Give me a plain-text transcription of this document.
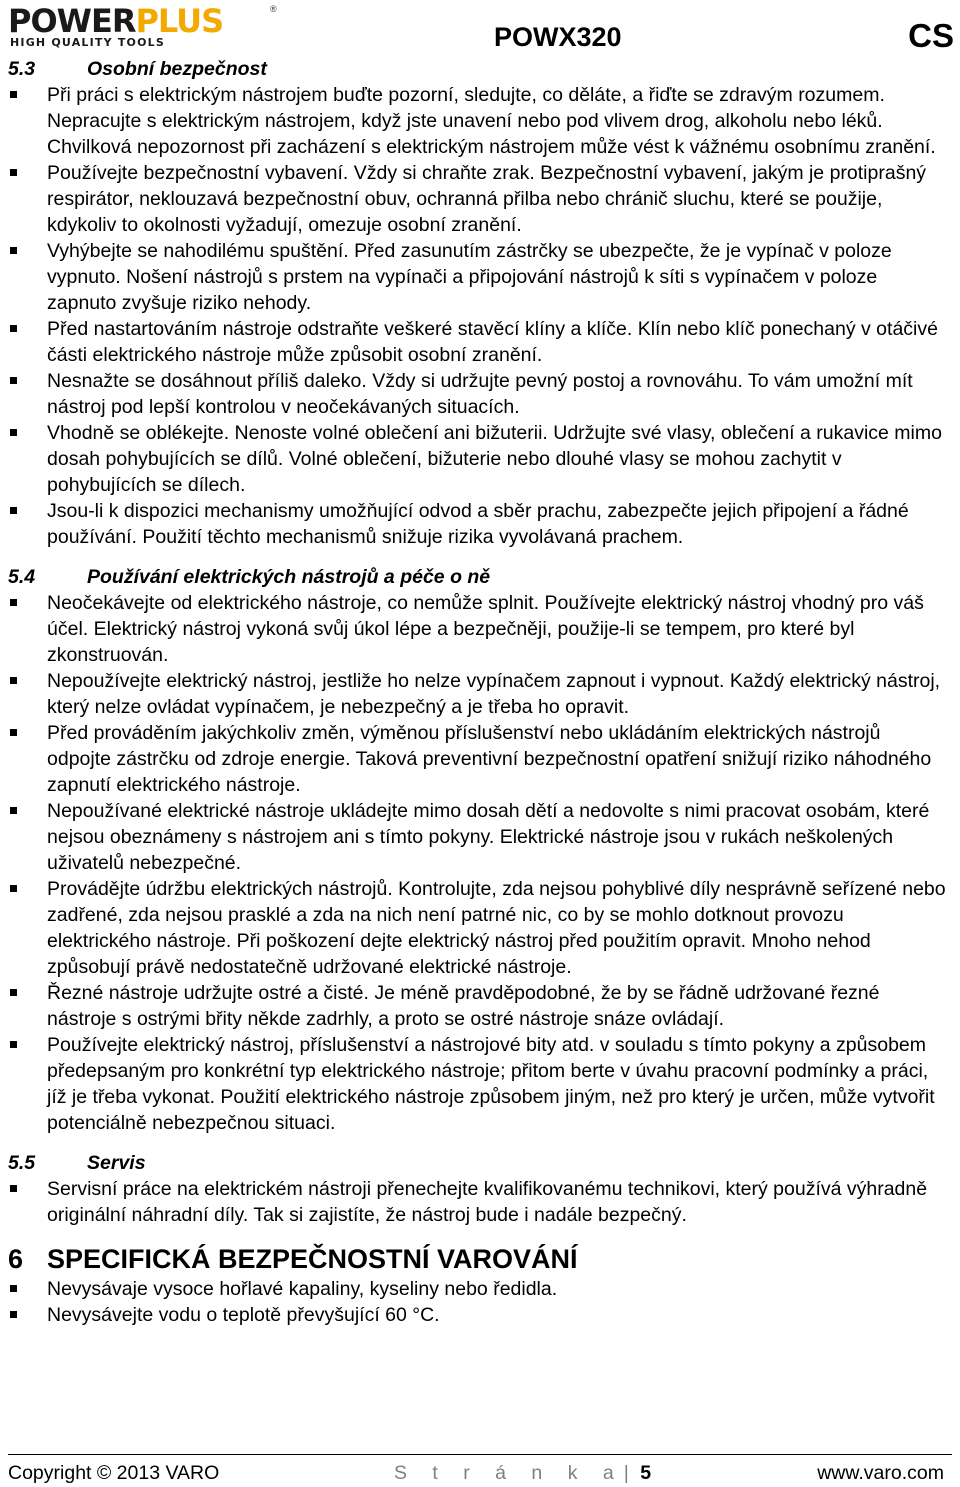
POWERPLUS	®
HIGH QUALITY TOOLS	POWX320	CS
5.3	Osobní bezpečnost
Při práci s elektrickým nástrojem buďte pozorní, sledujte, co děláte, a řiďte se zdravým rozumem. Nepracujte s elektrickým nástrojem, když jste unavení nebo pod vlivem drog, alkoholu nebo léků. Chvilková nepozornost při zacházení s elektrickým nástrojem může vést k vážnému osobnímu zranění.
Používejte bezpečnostní vybavení. Vždy si chraňte zrak. Bezpečnostní vybavení, jakým je protiprašný respirátor, neklouzavá bezpečnostní obuv, ochranná přilba nebo chránič sluchu, které se použije, kdykoliv to okolnosti vyžadují, omezuje osobní zranění.
Vyhýbejte se nahodilému spuštění. Před zasunutím zástrčky se ubezpečte, že je vypínač v poloze vypnuto. Nošení nástrojů s prstem na vypínači a připojování nástrojů k síti s vypínačem v poloze zapnuto zvyšuje riziko nehody.
Před nastartováním nástroje odstraňte veškeré stavěcí klíny a klíče. Klín nebo klíč ponechaný v otáčivé části elektrického nástroje může způsobit osobní zranění.
Nesnažte se dosáhnout příliš daleko. Vždy si udržujte pevný postoj a rovnováhu. To vám umožní mít nástroj pod lepší kontrolou v neočekávaných situacích.
Vhodně se oblékejte. Nenoste volné oblečení ani bižuterii. Udržujte své vlasy, oblečení a rukavice mimo dosah pohybujících se dílů. Volné oblečení, bižuterie nebo dlouhé vlasy se mohou zachytit v pohybujících se dílech.
Jsou-li k dispozici mechanismy umožňující odvod a sběr prachu, zabezpečte jejich připojení a řádné používání. Použití těchto mechanismů snižuje rizika vyvolávaná prachem.
5.4	Používání elektrických nástrojů a péče o ně
Neočekávejte od elektrického nástroje, co nemůže splnit. Používejte elektrický nástroj vhodný pro váš účel. Elektrický nástroj vykoná svůj úkol lépe a bezpečněji, použije-li se tempem, pro které byl zkonstruován.
Nepoužívejte elektrický nástroj, jestliže ho nelze vypínačem zapnout i vypnout. Každý elektrický nástroj, který nelze ovládat vypínačem, je nebezpečný a je třeba ho opravit.
Před prováděním jakýchkoliv změn, výměnou příslušenství nebo ukládáním elektrických nástrojů odpojte zástrčku od zdroje energie. Taková preventivní bezpečnostní opatření snižují riziko náhodného zapnutí elektrického nástroje.
Nepoužívané elektrické nástroje ukládejte mimo dosah dětí a nedovolte s nimi pracovat osobám, které nejsou obeznámeny s nástrojem ani s tímto pokyny. Elektrické nástroje jsou v rukách neškolených uživatelů nebezpečné.
Provádějte údržbu elektrických nástrojů. Kontrolujte, zda nejsou pohyblivé díly nesprávně seřízené nebo zadřené, zda nejsou prasklé a zda na nich není patrné nic, co by se mohlo dotknout provozu elektrického nástroje. Při poškození dejte elektrický nástroj před použitím opravit. Mnoho nehod způsobují právě nedostatečně udržované elektrické nástroje.
Řezné nástroje udržujte ostré a čisté. Je méně pravděpodobné, že by se řádně udržované řezné nástroje s ostrými břity někde zadrhly, a proto se ostré nástroje snáze ovládají.
Používejte elektrický nástroj, příslušenství a nástrojové bity atd. v souladu s tímto pokyny a způsobem předepsaným pro konkrétní typ elektrického nástroje; přitom berte v úvahu pracovní podmínky a práci, jíž je třeba vykonat. Použití elektrického nástroje způsobem jiným, než pro který je určen, může vytvořit potenciálně nebezpečnou situaci.
5.5	Servis
Servisní práce na elektrickém nástroji přenechejte kvalifikovanému technikovi, který používá výhradně originální náhradní díly. Tak si zajistíte, že nástroj bude i nadále bezpečný.
6 SPECIFICKÁ BEZPEČNOSTNÍ VAROVÁNÍ
Nevysávaje vysoce hořlavé kapaliny, kyseliny nebo ředidla.
Nevysávejte vodu o teplotě převyšující 60 °C.
Copyright © 2013 VARO	S t r á n k a| 5	www.varo.com
